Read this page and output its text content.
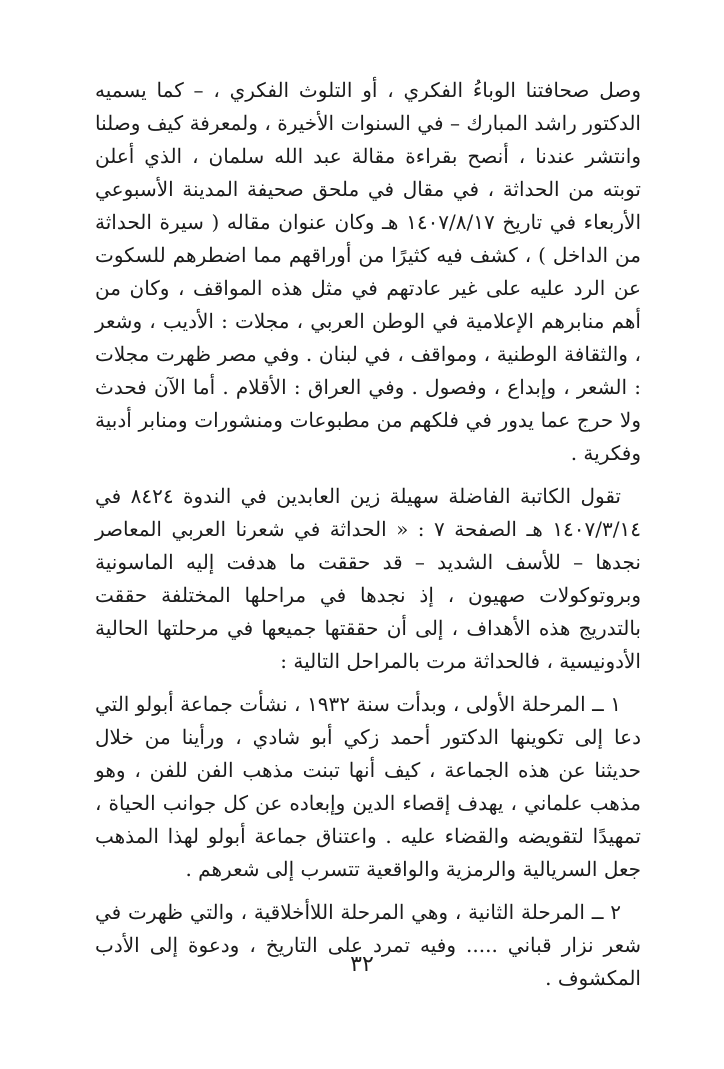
وصل صحافتنا الوباءُ الفكري ، أو التلوث الفكري ، – كما يسميه الدكتور راشد المبارك – في السنوات الأخيرة ، ولمعرفة كيف وصلنا وانتشر عندنا ، أنصح بقراءة مقالة عبد الله سلمان ، الذي أعلن توبته من الحداثة ، في مقال في ملحق صحيفة المدينة الأسبوعي الأربعاء في تاريخ ١٤٠٧/٨/١٧ هـ وكان عنوان مقاله ( سيرة الحداثة من الداخل ) ، كشف فيه كثيرًا من أوراقهم مما اضطرهم للسكوت عن الرد عليه على غير عادتهم في مثل هذه المواقف ، وكان من أهم منابرهم الإعلامية في الوطن العربي ، مجلات : الأديب ، وشعر ، والثقافة الوطنية ، ومواقف ، في لبنان . وفي مصر ظهرت مجلات : الشعر ، وإبداع ، وفصول . وفي العراق : الأقلام . أما الآن فحدث ولا حرج عما يدور في فلكهم من مطبوعات ومنشورات ومنابر أدبية وفكرية .

تقول الكاتبة الفاضلة سهيلة زين العابدين في الندوة ٨٤٢٤ في ١٤٠٧/٣/١٤ هـ الصفحة ٧ : « الحداثة في شعرنا العربي المعاصر نجدها – للأسف الشديد – قد حققت ما هدفت إليه الماسونية وبروتوكولات صهيون ، إذ نجدها في مراحلها المختلفة حققت بالتدريج هذه الأهداف ، إلى أن حققتها جميعها في مرحلتها الحالية الأدونيسية ، فالحداثة مرت بالمراحل التالية :

١ ــ المرحلة الأولى ، وبدأت سنة ١٩٣٢ ، نشأت جماعة أبولو التي دعا إلى تكوينها الدكتور أحمد زكي أبو شادي ، ورأينا من خلال حديثنا عن هذه الجماعة ، كيف أنها تبنت مذهب الفن للفن ، وهو مذهب علماني ، يهدف إقصاء الدين وإبعاده عن كل جوانب الحياة ، تمهيدًا لتقويضه والقضاء عليه . واعتناق جماعة أبولو لهذا المذهب جعل السريالية والرمزية والواقعية تتسرب إلى شعرهم .

٢ ــ المرحلة الثانية ، وهي المرحلة اللاأخلاقية ، والتي ظهرت في شعر نزار قباني ..... وفيه تمرد على التاريخ ، ودعوة إلى الأدب المكشوف .

٣٢
